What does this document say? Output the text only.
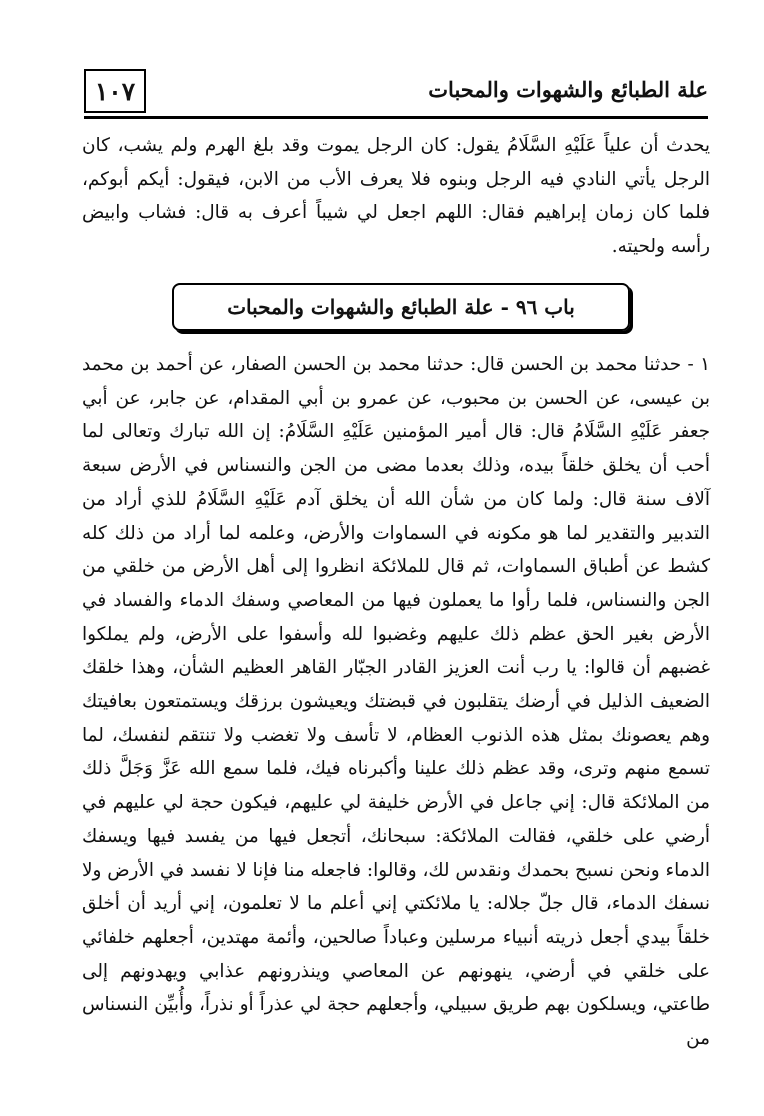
علة الطبائع والشهوات والمحبات
١٠٧

يحدث أن علياً عَلَيْهِ السَّلَامُ يقول: كان الرجل يموت وقد بلغ الهرم ولم يشب، كان الرجل يأتي النادي فيه الرجل وبنوه فلا يعرف الأب من الابن، فيقول: أيكم أبوكم، فلما كان زمان إبراهيم فقال: اللهم اجعل لي شيباً أعرف به قال: فشاب وابيض رأسه ولحيته.

باب ٩٦ - علة الطبائع والشهوات والمحبات

١ - حدثنا محمد بن الحسن قال: حدثنا محمد بن الحسن الصفار، عن أحمد بن محمد بن عيسى، عن الحسن بن محبوب، عن عمرو بن أبي المقدام، عن جابر، عن أبي جعفر عَلَيْهِ السَّلَامُ قال: قال أمير المؤمنين عَلَيْهِ السَّلَامُ: إن الله تبارك وتعالى لما أحب أن يخلق خلقاً بيده، وذلك بعدما مضى من الجن والنسناس في الأرض سبعة آلاف سنة قال: ولما كان من شأن الله أن يخلق آدم عَلَيْهِ السَّلَامُ للذي أراد من التدبير والتقدير لما هو مكونه في السماوات والأرض، وعلمه لما أراد من ذلك كله كشط عن أطباق السماوات، ثم قال للملائكة انظروا إلى أهل الأرض من خلقي من الجن والنسناس، فلما رأوا ما يعملون فيها من المعاصي وسفك الدماء والفساد في الأرض بغير الحق عظم ذلك عليهم وغضبوا لله وأسفوا على الأرض، ولم يملكوا غضبهم أن قالوا: يا رب أنت العزيز القادر الجبّار القاهر العظيم الشأن، وهذا خلقك الضعيف الذليل في أرضك يتقلبون في قبضتك ويعيشون برزقك ويستمتعون بعافيتك وهم يعصونك بمثل هذه الذنوب العظام، لا تأسف ولا تغضب ولا تنتقم لنفسك، لما تسمع منهم وترى، وقد عظم ذلك علينا وأكبرناه فيك، فلما سمع الله عَزَّ وَجَلَّ ذلك من الملائكة قال: إني جاعل في الأرض خليفة لي عليهم، فيكون حجة لي عليهم في أرضي على خلقي، فقالت الملائكة: سبحانك، أتجعل فيها من يفسد فيها ويسفك الدماء ونحن نسبح بحمدك ونقدس لك، وقالوا: فاجعله منا فإنا لا نفسد في الأرض ولا نسفك الدماء، قال جلّ جلاله: يا ملائكتي إني أعلم ما لا تعلمون، إني أريد أن أخلق خلقاً بيدي أجعل ذريته أنبياء مرسلين وعباداً صالحين، وأئمة مهتدين، أجعلهم خلفائي على خلقي في أرضي، ينهونهم عن المعاصي وينذرونهم عذابي ويهدونهم إلى طاعتي، ويسلكون بهم طريق سبيلي، وأجعلهم حجة لي عذراً أو نذراً، وأُبيِّن النسناس من
